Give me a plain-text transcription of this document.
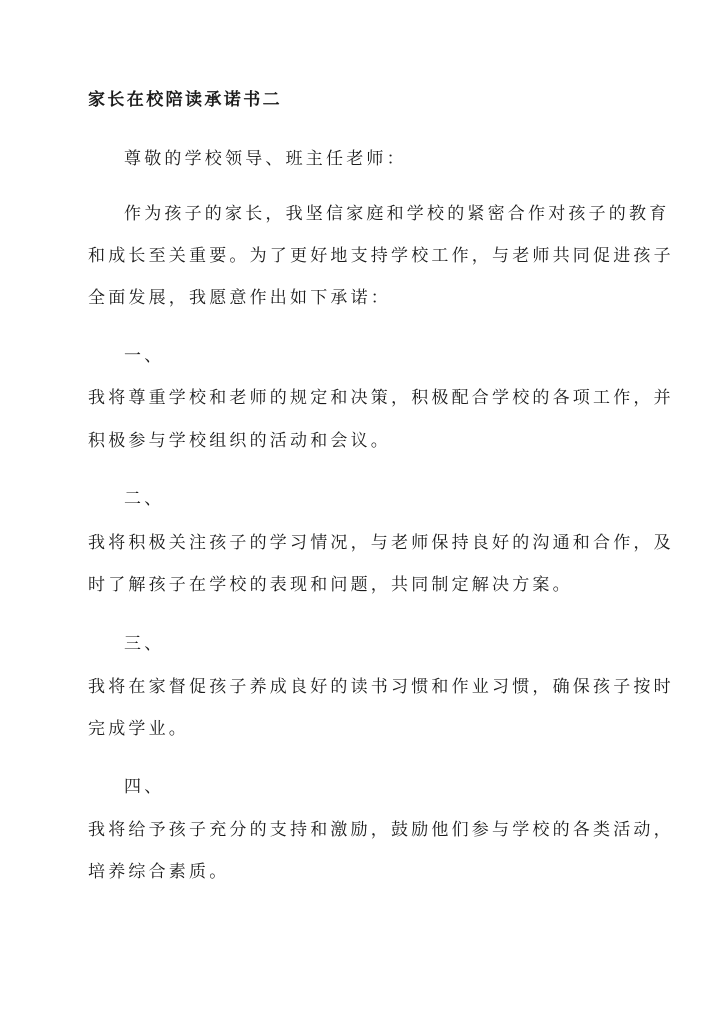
家长在校陪读承诺书二
尊敬的学校领导、班主任老师：
作为孩子的家长，我坚信家庭和学校的紧密合作对孩子的教育
和成长至关重要。为了更好地支持学校工作，与老师共同促进孩子
全面发展，我愿意作出如下承诺：
一、
我将尊重学校和老师的规定和决策，积极配合学校的各项工作，并
积极参与学校组织的活动和会议。
二、
我将积极关注孩子的学习情况，与老师保持良好的沟通和合作，及
时了解孩子在学校的表现和问题，共同制定解决方案。
三、
我将在家督促孩子养成良好的读书习惯和作业习惯，确保孩子按时
完成学业。
四、
我将给予孩子充分的支持和激励，鼓励他们参与学校的各类活动，
培养综合素质。
